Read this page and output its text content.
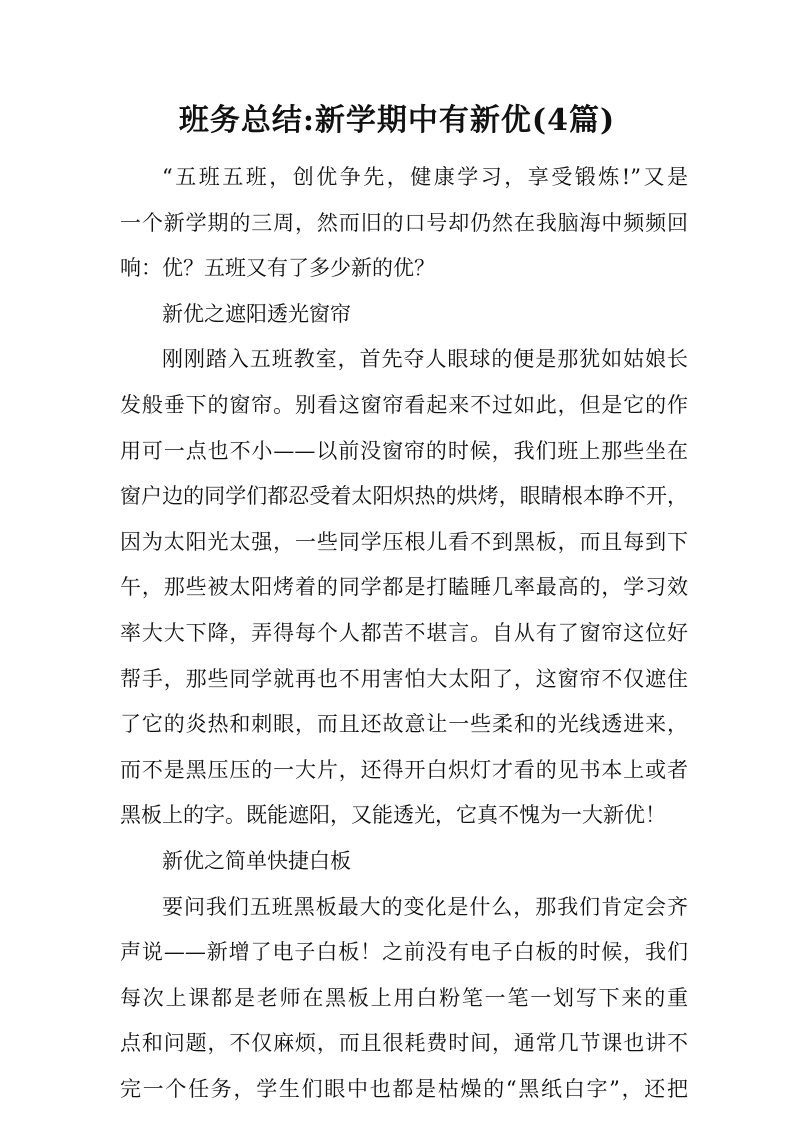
班务总结:新学期中有新优(4篇)
“五班五班，创优争先，健康学习，享受锻炼!”又是
一个新学期的三周，然而旧的口号却仍然在我脑海中频频回
响：优？五班又有了多少新的优？
新优之遮阳透光窗帘
刚刚踏入五班教室，首先夺人眼球的便是那犹如姑娘长
发般垂下的窗帘。别看这窗帘看起来不过如此，但是它的作
用可一点也不小——以前没窗帘的时候，我们班上那些坐在
窗户边的同学们都忍受着太阳炽热的烘烤，眼睛根本睁不开，
因为太阳光太强，一些同学压根儿看不到黑板，而且每到下
午，那些被太阳烤着的同学都是打瞌睡几率最高的，学习效
率大大下降，弄得每个人都苦不堪言。自从有了窗帘这位好
帮手，那些同学就再也不用害怕大太阳了，这窗帘不仅遮住
了它的炎热和刺眼，而且还故意让一些柔和的光线透进来，
而不是黑压压的一大片，还得开白炽灯才看的见书本上或者
黑板上的字。既能遮阳，又能透光，它真不愧为一大新优！
新优之简单快捷白板
要问我们五班黑板最大的变化是什么，那我们肯定会齐
声说——新增了电子白板！之前没有电子白板的时候，我们
每次上课都是老师在黑板上用白粉笔一笔一划写下来的重
点和问题，不仅麻烦，而且很耗费时间，通常几节课也讲不
完一个任务，学生们眼中也都是枯燥的“黑纸白字”，还把
